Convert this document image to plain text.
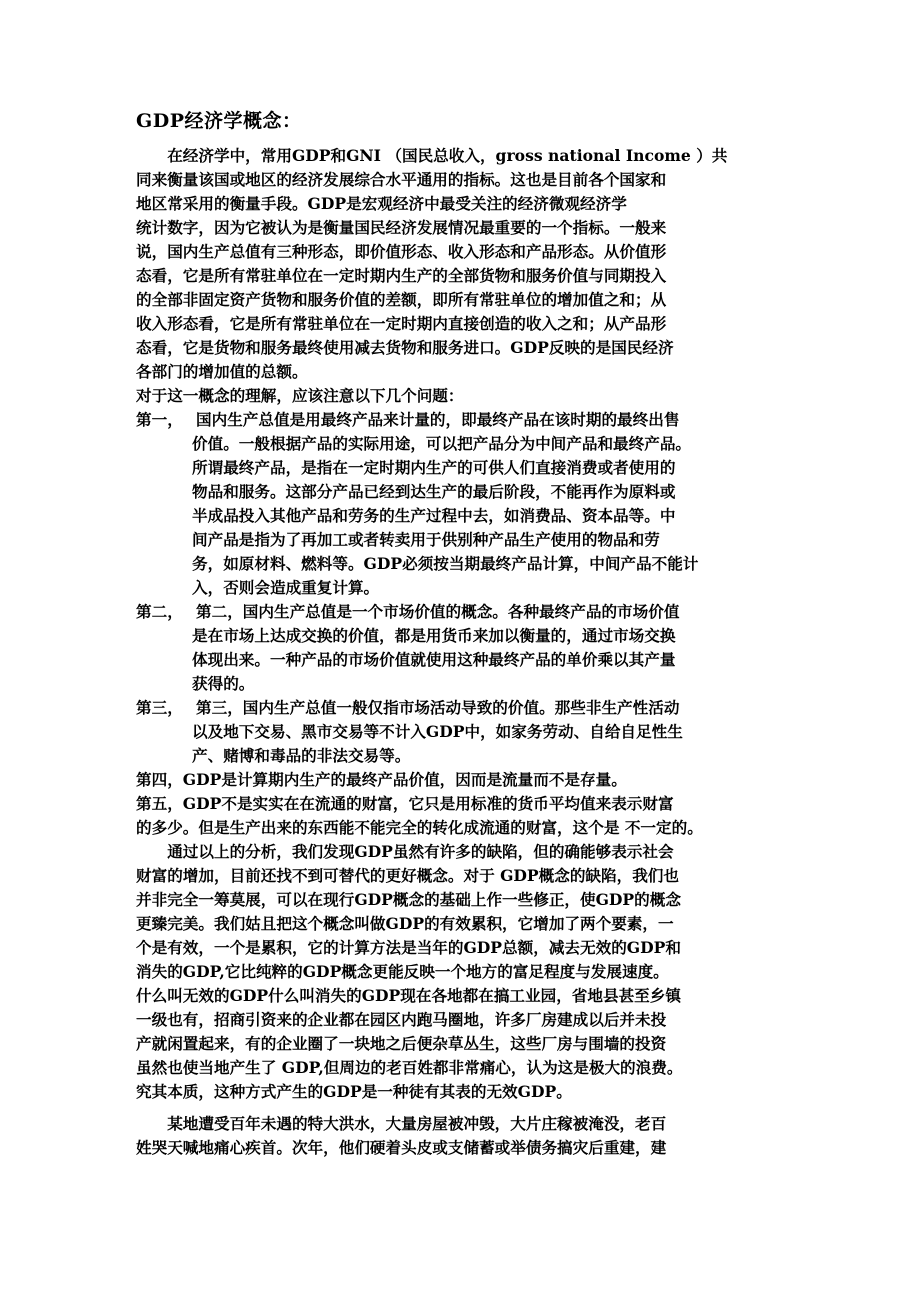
GDP经济学概念：
　　在经济学中，常用GDP和GNI （国民总收入，gross national Income ）共
同来衡量该国或地区的经济发展综合水平通用的指标。这也是目前各个国家和
地区常采用的衡量手段。GDP是宏观经济中最受关注的经济微观经济学
统计数字，因为它被认为是衡量国民经济发展情况最重要的一个指标。一般来
说，国内生产总值有三种形态，即价值形态、收入形态和产品形态。从价值形
态看，它是所有常驻单位在一定时期内生产的全部货物和服务价值与同期投入
的全部非固定资产货物和服务价值的差额，即所有常驻单位的增加值之和；从
收入形态看，它是所有常驻单位在一定时期内直接创造的收入之和；从产品形
态看，它是货物和服务最终使用减去货物和服务进口。GDP反映的是国民经济
各部门的增加值的总额。
对于这一概念的理解，应该注意以下几个问题：
第一， 国内生产总值是用最终产品来计量的，即最终产品在该时期的最终出售
价值。一般根据产品的实际用途，可以把产品分为中间产品和最终产品。
所谓最终产品，是指在一定时期内生产的可供人们直接消费或者使用的
物品和服务。这部分产品已经到达生产的最后阶段，不能再作为原料或
半成品投入其他产品和劳务的生产过程中去，如消费品、资本品等。中
间产品是指为了再加工或者转卖用于供别种产品生产使用的物品和劳
务，如原材料、燃料等。GDP必须按当期最终产品计算，中间产品不能计
入，否则会造成重复计算。
第二， 第二，国内生产总值是一个市场价值的概念。各种最终产品的市场价值
是在市场上达成交换的价值，都是用货币来加以衡量的，通过市场交换
体现出来。一种产品的市场价值就使用这种最终产品的单价乘以其产量
获得的。
第三， 第三，国内生产总值一般仅指市场活动导致的价值。那些非生产性活动
以及地下交易、黑市交易等不计入GDP中，如家务劳动、自给自足性生
产、赌博和毒品的非法交易等。
第四，GDP是计算期内生产的最终产品价值，因而是流量而不是存量。
第五，GDP不是实实在在流通的财富，它只是用标准的货币平均值来表示财富
的多少。但是生产出来的东西能不能完全的转化成流通的财富，这个是 不一定的。
　　通过以上的分析，我们发现GDP虽然有许多的缺陷，但的确能够表示社会
财富的增加，目前还找不到可替代的更好概念。对于 GDP概念的缺陷，我们也
并非完全一筹莫展，可以在现行GDP概念的基础上作一些修正，使GDP的概念
更臻完美。我们姑且把这个概念叫做GDP的有效累积，它增加了两个要素，一
个是有效，一个是累积，它的计算方法是当年的GDP总额，减去无效的GDP和
消失的GDP,它比纯粹的GDP概念更能反映一个地方的富足程度与发展速度。
什么叫无效的GDP什么叫消失的GDP现在各地都在搞工业园，省地县甚至乡镇
一级也有，招商引资来的企业都在园区内跑马圈地，许多厂房建成以后并未投
产就闲置起来，有的企业圈了一块地之后便杂草丛生，这些厂房与围墙的投资
虽然也使当地产生了 GDP,但周边的老百姓都非常痛心，认为这是极大的浪费。
究其本质，这种方式产生的GDP是一种徒有其表的无效GDP。
　　某地遭受百年未遇的特大洪水，大量房屋被冲毁，大片庄稼被淹没，老百
姓哭天喊地痛心疾首。次年，他们硬着头皮或支储蓄或举债务搞灾后重建，建
